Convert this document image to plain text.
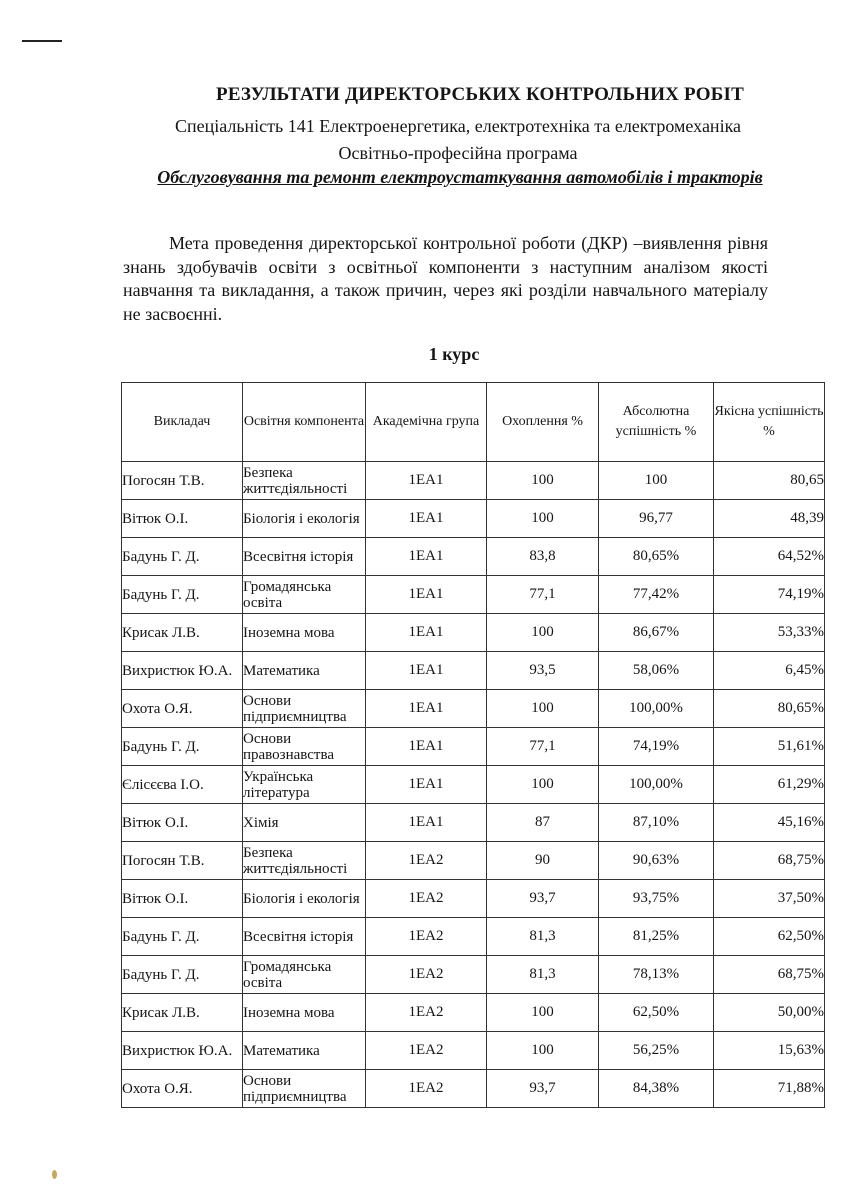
РЕЗУЛЬТАТИ ДИРЕКТОРСЬКИХ КОНТРОЛЬНИХ РОБІТ
Спеціальність 141 Електроенергетика, електротехніка та електромеханіка
Освітньо-професійна програма
Обслуговування та ремонт електроустаткування автомобілів і тракторів
Мета проведення директорської контрольної роботи (ДКР) –виявлення рівня знань здобувачів освіти з освітньої компоненти з наступним аналізом якості навчання та викладання, а також причин, через які розділи навчального матеріалу не засвоєнні.
1 курс
Викладач	Освітня компонента	Академічна група	Охоплення %	Абсолютна успішність %	Якісна успішність %
Погосян Т.В.	Безпека життєдіяльності	1ЕА1	100	100	80,65
Вітюк О.І.	Біологія і екологія	1ЕА1	100	96,77	48,39
Бадунь Г. Д.	Всесвітня історія	1ЕА1	83,8	80,65%	64,52%
Бадунь Г. Д.	Громадянська освіта	1ЕА1	77,1	77,42%	74,19%
Крисак Л.В.	Іноземна мова	1ЕА1	100	86,67%	53,33%
Вихристюк Ю.А.	Математика	1ЕА1	93,5	58,06%	6,45%
Охота О.Я.	Основи підприємництва	1ЕА1	100	100,00%	80,65%
Бадунь Г. Д.	Основи правознавства	1ЕА1	77,1	74,19%	51,61%
Єлісєєва І.О.	Українська література	1ЕА1	100	100,00%	61,29%
Вітюк О.І.	Хімія	1ЕА1	87	87,10%	45,16%
Погосян Т.В.	Безпека життєдіяльності	1ЕА2	90	90,63%	68,75%
Вітюк О.І.	Біологія і екологія	1ЕА2	93,7	93,75%	37,50%
Бадунь Г. Д.	Всесвітня історія	1ЕА2	81,3	81,25%	62,50%
Бадунь Г. Д.	Громадянська освіта	1ЕА2	81,3	78,13%	68,75%
Крисак Л.В.	Іноземна мова	1ЕА2	100	62,50%	50,00%
Вихристюк Ю.А.	Математика	1ЕА2	100	56,25%	15,63%
Охота О.Я.	Основи підприємництва	1ЕА2	93,7	84,38%	71,88%
